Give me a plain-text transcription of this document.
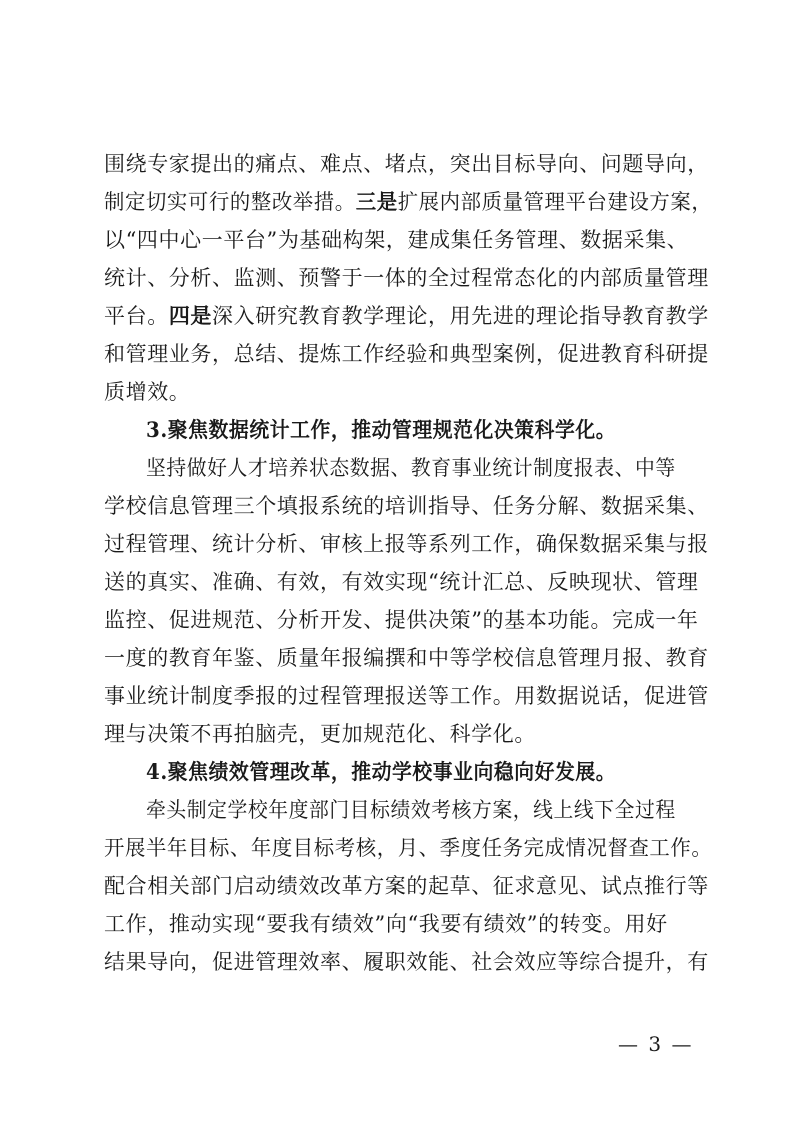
围绕专家提出的痛点、难点、堵点，突出目标导向、问题导向，
制定切实可行的整改举措。三是扩展内部质量管理平台建设方案，
以“四中心一平台”为基础构架，建成集任务管理、数据采集、
统计、分析、监测、预警于一体的全过程常态化的内部质量管理
平台。四是深入研究教育教学理论，用先进的理论指导教育教学
和管理业务，总结、提炼工作经验和典型案例，促进教育科研提
质增效。
3.聚焦数据统计工作，推动管理规范化决策科学化。
坚持做好人才培养状态数据、教育事业统计制度报表、中等
学校信息管理三个填报系统的培训指导、任务分解、数据采集、
过程管理、统计分析、审核上报等系列工作，确保数据采集与报
送的真实、准确、有效，有效实现“统计汇总、反映现状、管理
监控、促进规范、分析开发、提供决策”的基本功能。完成一年
一度的教育年鉴、质量年报编撰和中等学校信息管理月报、教育
事业统计制度季报的过程管理报送等工作。用数据说话，促进管
理与决策不再拍脑壳，更加规范化、科学化。
4.聚焦绩效管理改革，推动学校事业向稳向好发展。
牵头制定学校年度部门目标绩效考核方案，线上线下全过程
开展半年目标、年度目标考核，月、季度任务完成情况督查工作。
配合相关部门启动绩效改革方案的起草、征求意见、试点推行等
工作，推动实现“要我有绩效”向“我要有绩效”的转变。用好
结果导向，促进管理效率、履职效能、社会效应等综合提升，有
— 3 —
